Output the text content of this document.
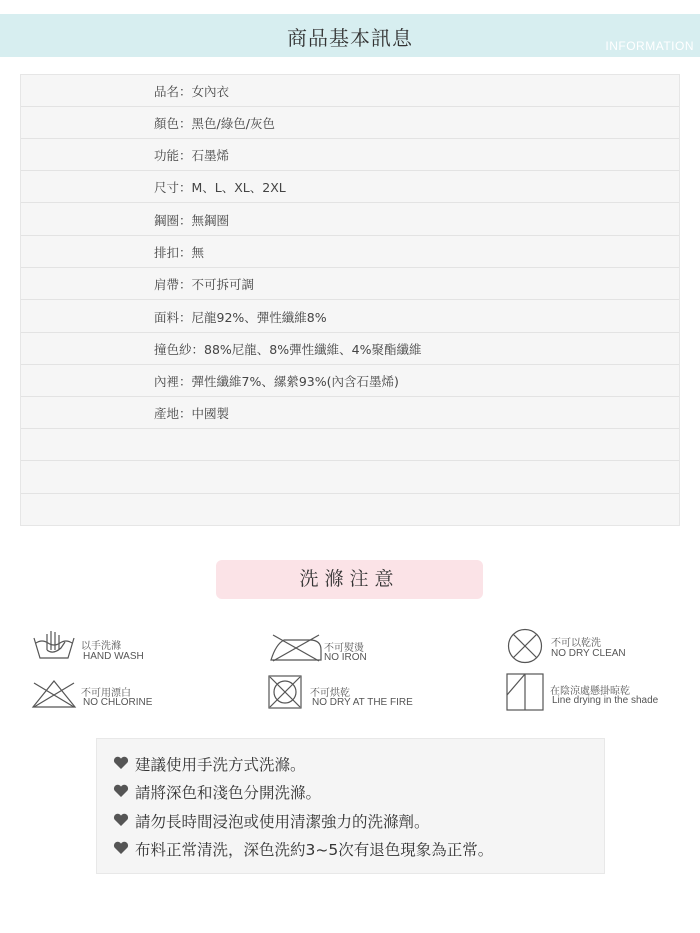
商品基本訊息	INFORMATION
品名：女內衣
顏色：黑色/綠色/灰色
功能：石墨烯
尺寸：M、L、XL、2XL
鋼圈：無鋼圈
排扣：無
肩帶：不可拆可調
面料：尼龍92%、彈性纖維8%
撞色紗：88%尼龍、8%彈性纖維、4%聚酯纖維
內裡：彈性纖維7%、縲縈93%(內含石墨烯)
產地：中國製
洗滌注意
以手洗滌
HAND WASH
不可熨燙
NO IRON
不可以乾洗
NO DRY CLEAN
不可用漂白
NO CHLORINE
不可烘乾
NO DRY AT THE FIRE
在陰涼處懸掛晾乾
Line drying in the shade
建議使用手洗方式洗滌。
請將深色和淺色分開洗滌。
請勿長時間浸泡或使用清潔強力的洗滌劑。
布料正常清洗，深色洗約3~5次有退色現象為正常。
